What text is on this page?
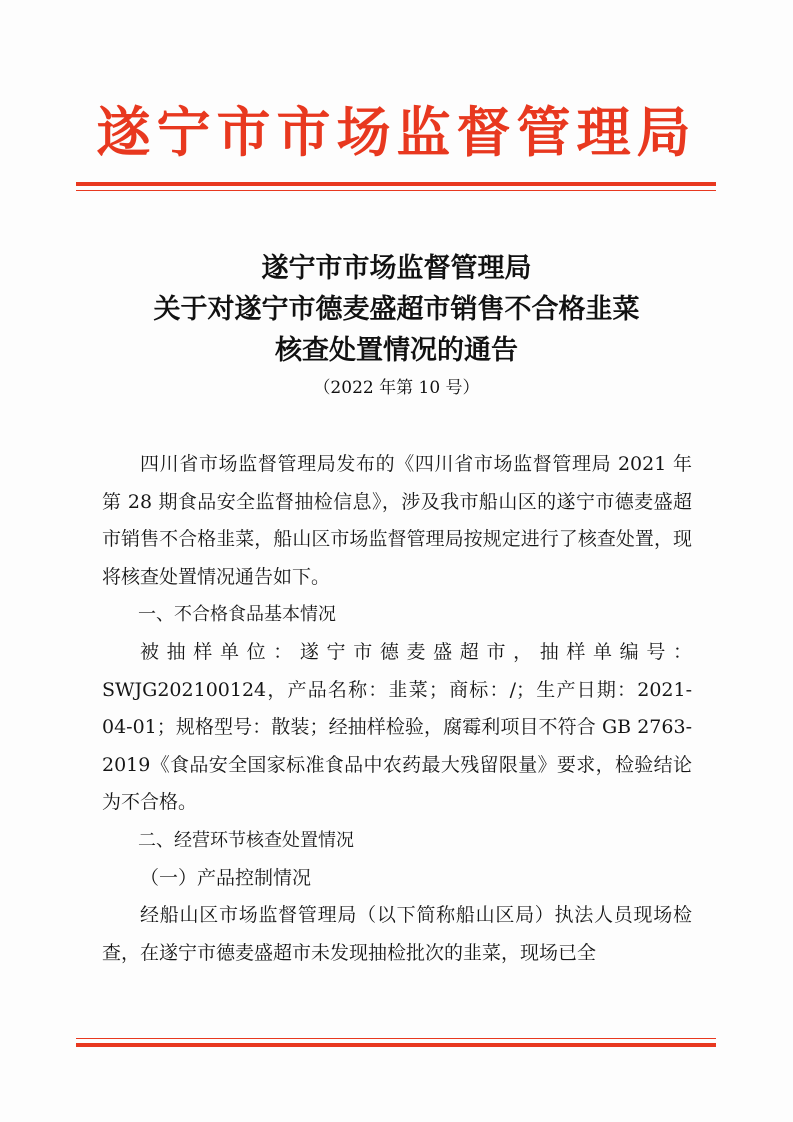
遂宁市市场监督管理局
遂宁市市场监督管理局
关于对遂宁市德麦盛超市销售不合格韭菜
核查处置情况的通告
（2022 年第 10 号）

四川省市场监督管理局发布的《四川省市场监督管理局 2021 年第 28 期食品安全监督抽检信息》，涉及我市船山区的遂宁市德麦盛超市销售不合格韭菜，船山区市场监督管理局按规定进行了核查处置，现将核查处置情况通告如下。

一、不合格食品基本情况

被抽样单位：遂宁市德麦盛超市，抽样单编号：SWJG202100124，产品名称：韭菜；商标：/；生产日期：2021-04-01；规格型号：散装；经抽样检验，腐霉利项目不符合 GB 2763-2019《食品安全国家标准食品中农药最大残留限量》要求，检验结论为不合格。

二、经营环节核查处置情况

（一）产品控制情况

经船山区市场监督管理局（以下简称船山区局）执法人员现场检查，在遂宁市德麦盛超市未发现抽检批次的韭菜，现场已全
